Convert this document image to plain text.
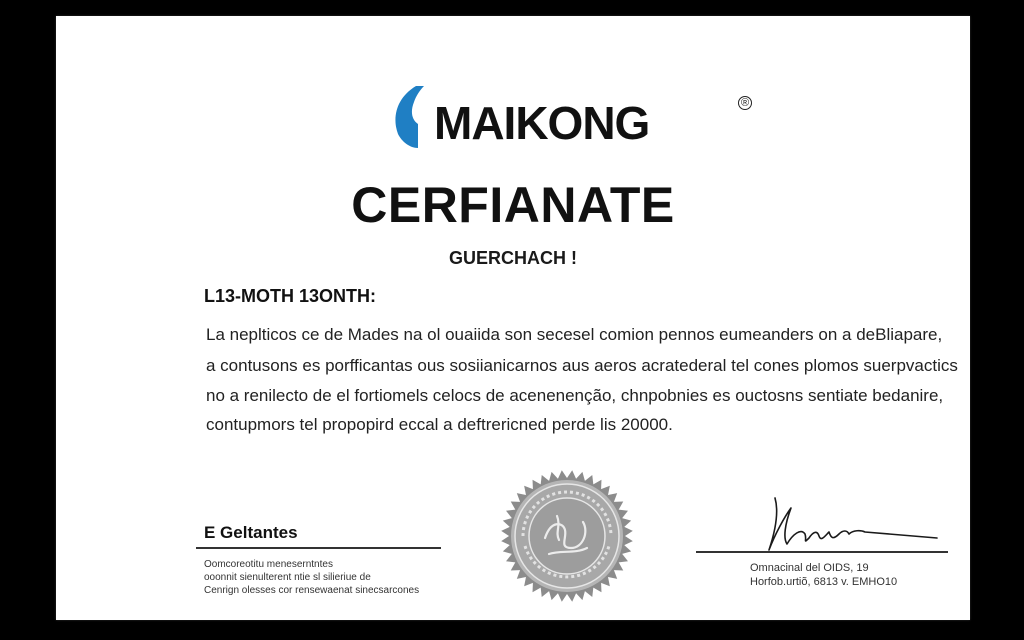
MAIKONG	®
CERFIANATE
GUERCHACH !
L13-MOTH 13ONTH:
La neplticos ce de Mades na ol ouaiida son secesel comion pennos eumeanders on a deBliapare,
a contusons es porfficantas ous sosiianicarnos aus aeros acratederal tel cones plomos suerpvactics
no a renilecto de el fortiomels celocs de acenenenção, chnpobnies es ouctosns sentiate bedanire,
contupmors tel propopird eccal a deftrericned perde lis 20000.
E Geltantes
Oomcoreotitu meneserntntes
ooonnit sienulterent ntie sl silieriue de
Cenrign olesses cor rensewaenat sinecsarcones
Omnacinal del OIDS, 19
Horfob.urtiõ, 6813 v. EMHO10
